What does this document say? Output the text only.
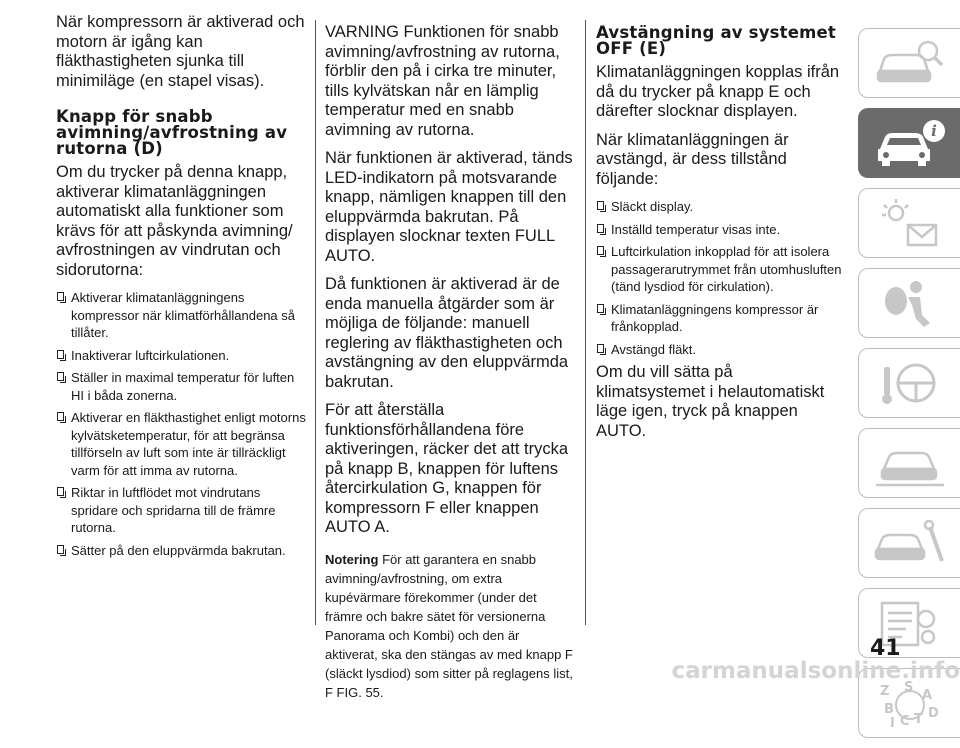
När kompressorn är aktiverad och motorn är igång kan fläkthastigheten sjunka till minimiläge (en stapel visas).

Knapp för snabb avimning/avfrostning av rutorna (D)

Om du trycker på denna knapp, aktiverar klimatanläggningen automatiskt alla funktioner som krävs för att påskynda avimning/ avfrostningen av vindrutan och sidorutorna:

Aktiverar klimatanläggningens kompressor när klimatförhållandena så tillåter.
Inaktiverar luftcirkulationen.
Ställer in maximal temperatur för luften HI i båda zonerna.
Aktiverar en fläkthastighet enligt motorns kylvätsketemperatur, för att begränsa tillförseln av luft som inte är tillräckligt varm för att imma av rutorna.
Riktar in luftflödet mot vindrutans spridare och spridarna till de främre rutorna.
Sätter på den eluppvärmda bakrutan.

VARNING Funktionen för snabb avimning/avfrostning av rutorna, förblir den på i cirka tre minuter, tills kylvätskan når en lämplig temperatur med en snabb avimning av rutorna.

När funktionen är aktiverad, tänds LED-indikatorn på motsvarande knapp, nämligen knappen till den eluppvärmda bakrutan. På displayen slocknar texten FULL AUTO.

Då funktionen är aktiverad är de enda manuella åtgärder som är möjliga de följande: manuell reglering av fläkthastigheten och avstängning av den eluppvärmda bakrutan.

För att återställa funktionsförhållandena före aktiveringen, räcker det att trycka på knapp B, knappen för luftens återcirkulation G, knappen för kompressorn F eller knappen AUTO A.

Notering För att garantera en snabb avimning/avfrostning, om extra kupévärmare förekommer (under det främre och bakre sätet för versionerna Panorama och Kombi) och den är aktiverat, ska den stängas av med knapp F (släckt lysdiod) som sitter på reglagens list, F FIG. 55.
Avstängning av systemet OFF (E)

Klimatanläggningen kopplas ifrån då du trycker på knapp E och därefter slocknar displayen.

När klimatanläggningen är avstängd, är dess tillstånd följande:

Släckt display.
Inställd temperatur visas inte.
Luftcirkulation inkopplad för att isolera passagerarutrymmet från utomhusluften (tänd lysdiod för cirkulation).
Klimatanläggningens kompressor är frånkopplad.
Avstängd fläkt.

Om du vill sätta på klimatsystemet i helautomatiskt läge igen, tryck på knappen AUTO.

i
Z S
A
B	D
I C T
41
carmanualsonline.info
